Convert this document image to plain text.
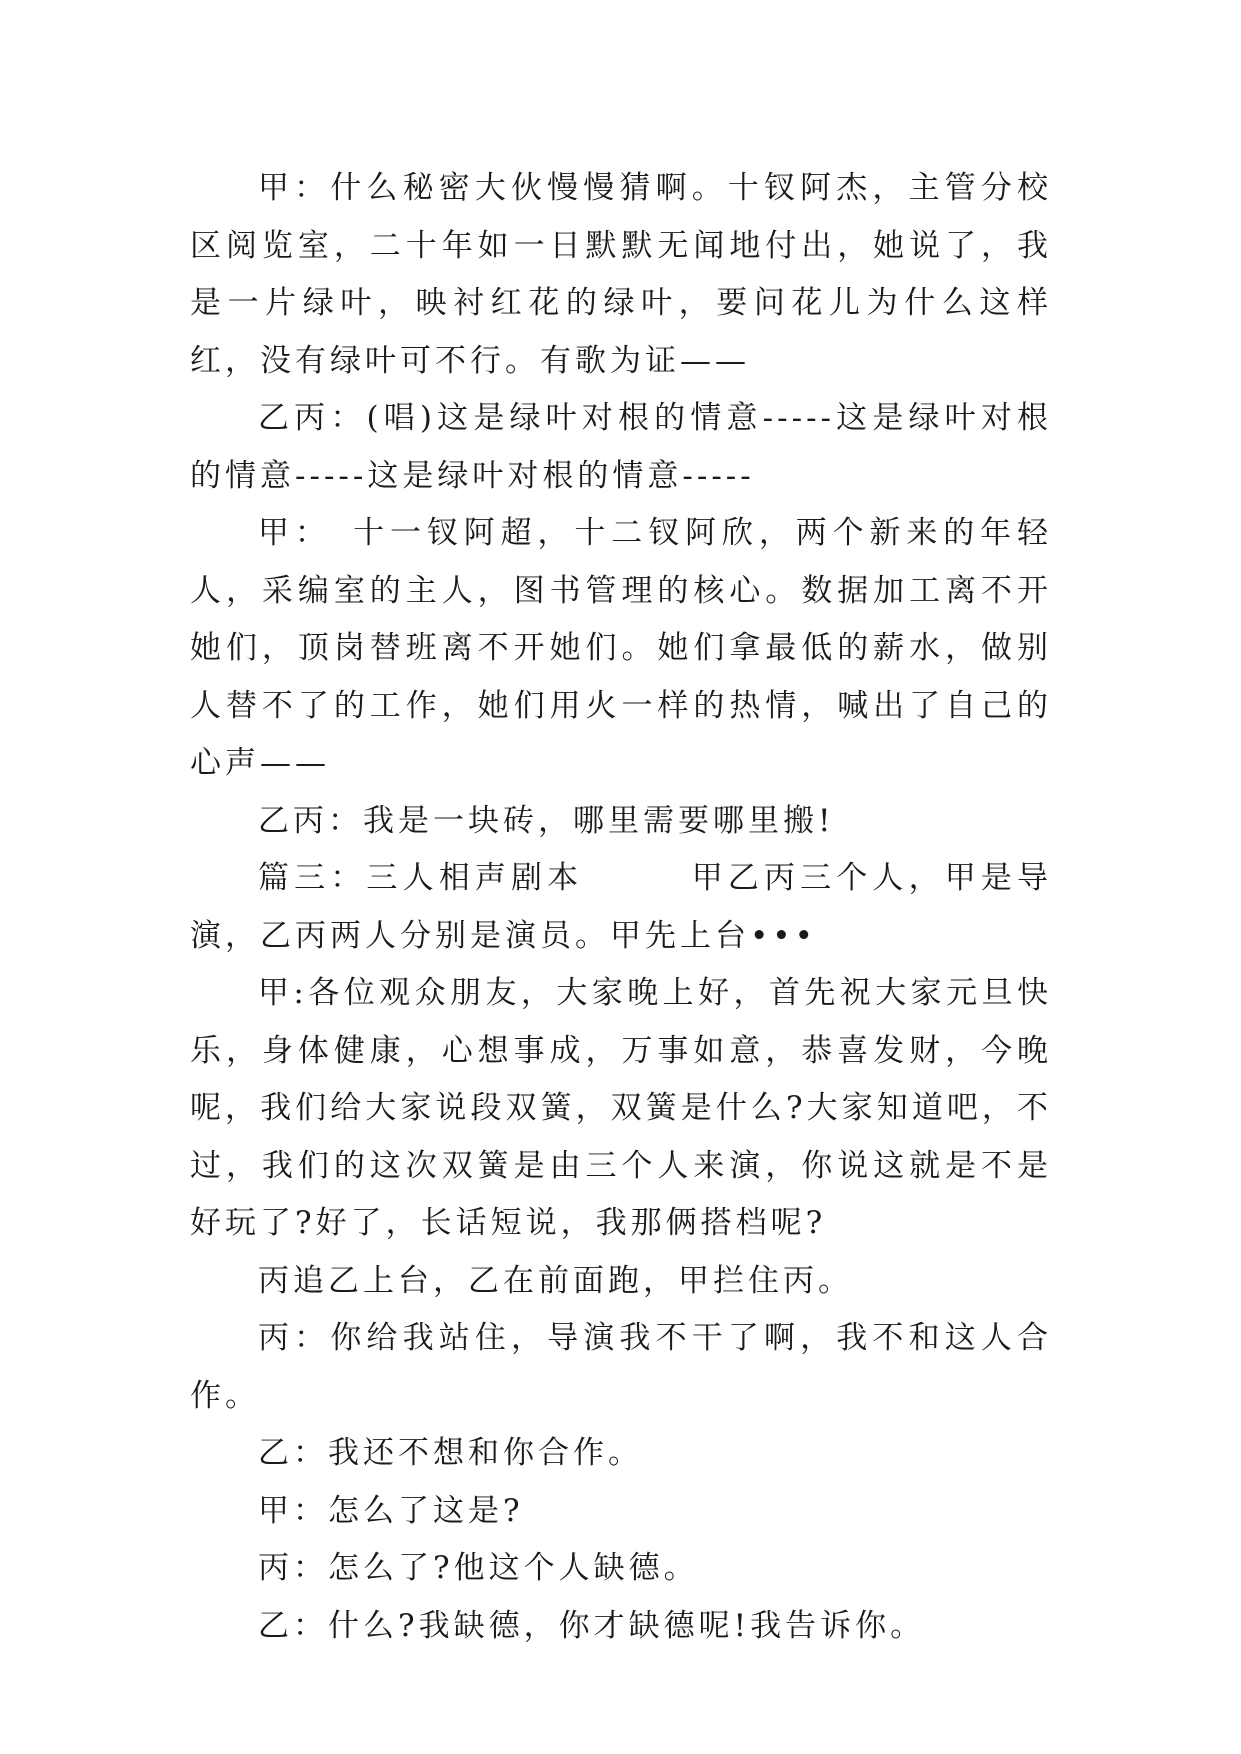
甲：什么秘密大伙慢慢猜啊。十钗阿杰，主管分校区阅览室，二十年如一日默默无闻地付出，她说了，我是一片绿叶，映衬红花的绿叶，要问花儿为什么这样红，没有绿叶可不行。有歌为证——

乙丙：(唱)这是绿叶对根的情意-----这是绿叶对根的情意-----这是绿叶对根的情意-----

甲：　十一钗阿超，十二钗阿欣，两个新来的年轻人，采编室的主人，图书管理的核心。数据加工离不开她们，顶岗替班离不开她们。她们拿最低的薪水，做别人替不了的工作，她们用火一样的热情，喊出了自己的心声——

乙丙：我是一块砖，哪里需要哪里搬!

篇三：三人相声剧本　　　甲乙丙三个人，甲是导演，乙丙两人分别是演员。甲先上台•••

甲:各位观众朋友，大家晚上好，首先祝大家元旦快乐，身体健康，心想事成，万事如意，恭喜发财，今晚呢，我们给大家说段双簧，双簧是什么?大家知道吧，不过，我们的这次双簧是由三个人来演，你说这就是不是好玩了?好了，长话短说，我那俩搭档呢?

丙追乙上台，乙在前面跑，甲拦住丙。

丙：你给我站住，导演我不干了啊，我不和这人合作。

乙：我还不想和你合作。

甲：怎么了这是?

丙：怎么了?他这个人缺德。

乙：什么?我缺德，你才缺德呢!我告诉你。
